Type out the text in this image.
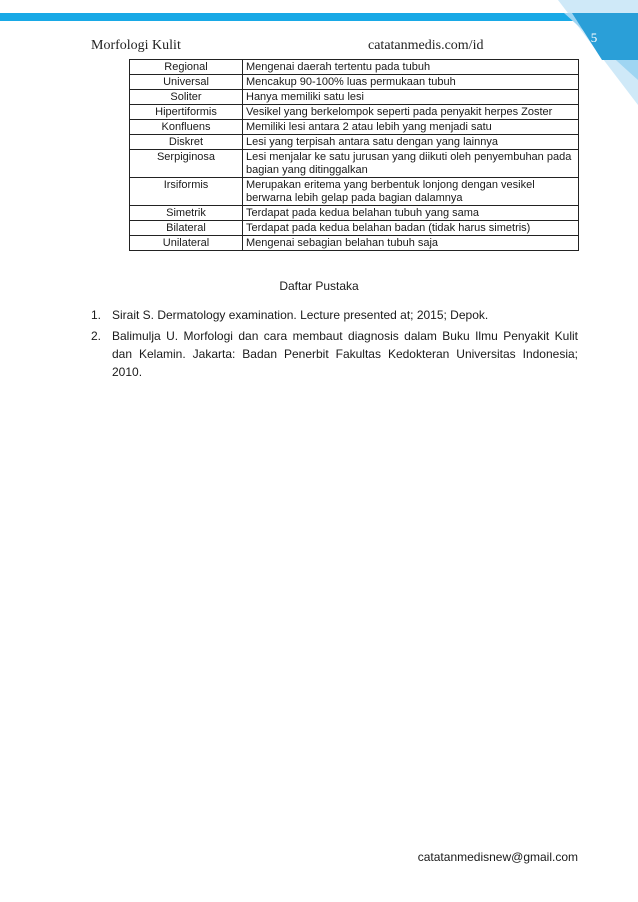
5
Morfologi Kulit	catatanmedis.com/id
Regional	Mengenai daerah tertentu pada tubuh
Universal	Mencakup 90-100% luas permukaan tubuh
Soliter	Hanya memiliki satu lesi
Hipertiformis	Vesikel yang berkelompok seperti pada penyakit herpes Zoster
Konfluens	Memiliki lesi antara 2 atau lebih yang menjadi satu
Diskret	Lesi yang terpisah antara satu dengan yang lainnya
Serpiginosa	Lesi menjalar ke satu jurusan yang diikuti oleh penyembuhan pada bagian yang ditinggalkan
Irsiformis	Merupakan eritema yang berbentuk lonjong dengan vesikel berwarna lebih gelap pada bagian dalamnya
Simetrik	Terdapat pada kedua belahan tubuh yang sama
Bilateral	Terdapat pada kedua belahan badan (tidak harus simetris)
Unilateral	Mengenai sebagian belahan tubuh saja
Daftar Pustaka
1. Sirait S. Dermatology examination. Lecture presented at; 2015; Depok.
2. Balimulja U. Morfologi dan cara membaut diagnosis dalam Buku Ilmu Penyakit Kulit dan Kelamin. Jakarta: Badan Penerbit Fakultas Kedokteran Universitas Indonesia; 2010.
catatanmedisnew@gmail.com
